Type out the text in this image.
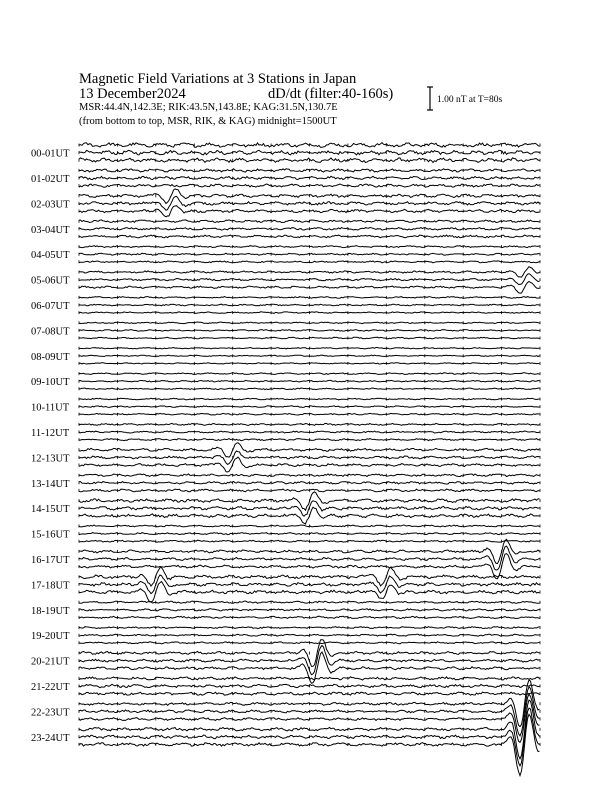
Magnetic Field Variations at 3 Stations in Japan
13 December2024	dD/dt (filter:40-160s)
MSR:44.4N,142.3E; RIK:43.5N,143.8E; KAG:31.5N,130.7E
(from bottom to top, MSR, RIK, & KAG) midnight=1500UT
1.00 nT at T=80s
00-01UT
01-02UT
02-03UT
03-04UT
04-05UT
05-06UT
06-07UT
07-08UT
08-09UT
09-10UT
10-11UT
11-12UT
12-13UT
13-14UT
14-15UT
15-16UT
16-17UT
17-18UT
18-19UT
19-20UT
20-21UT
21-22UT
22-23UT
23-24UT
